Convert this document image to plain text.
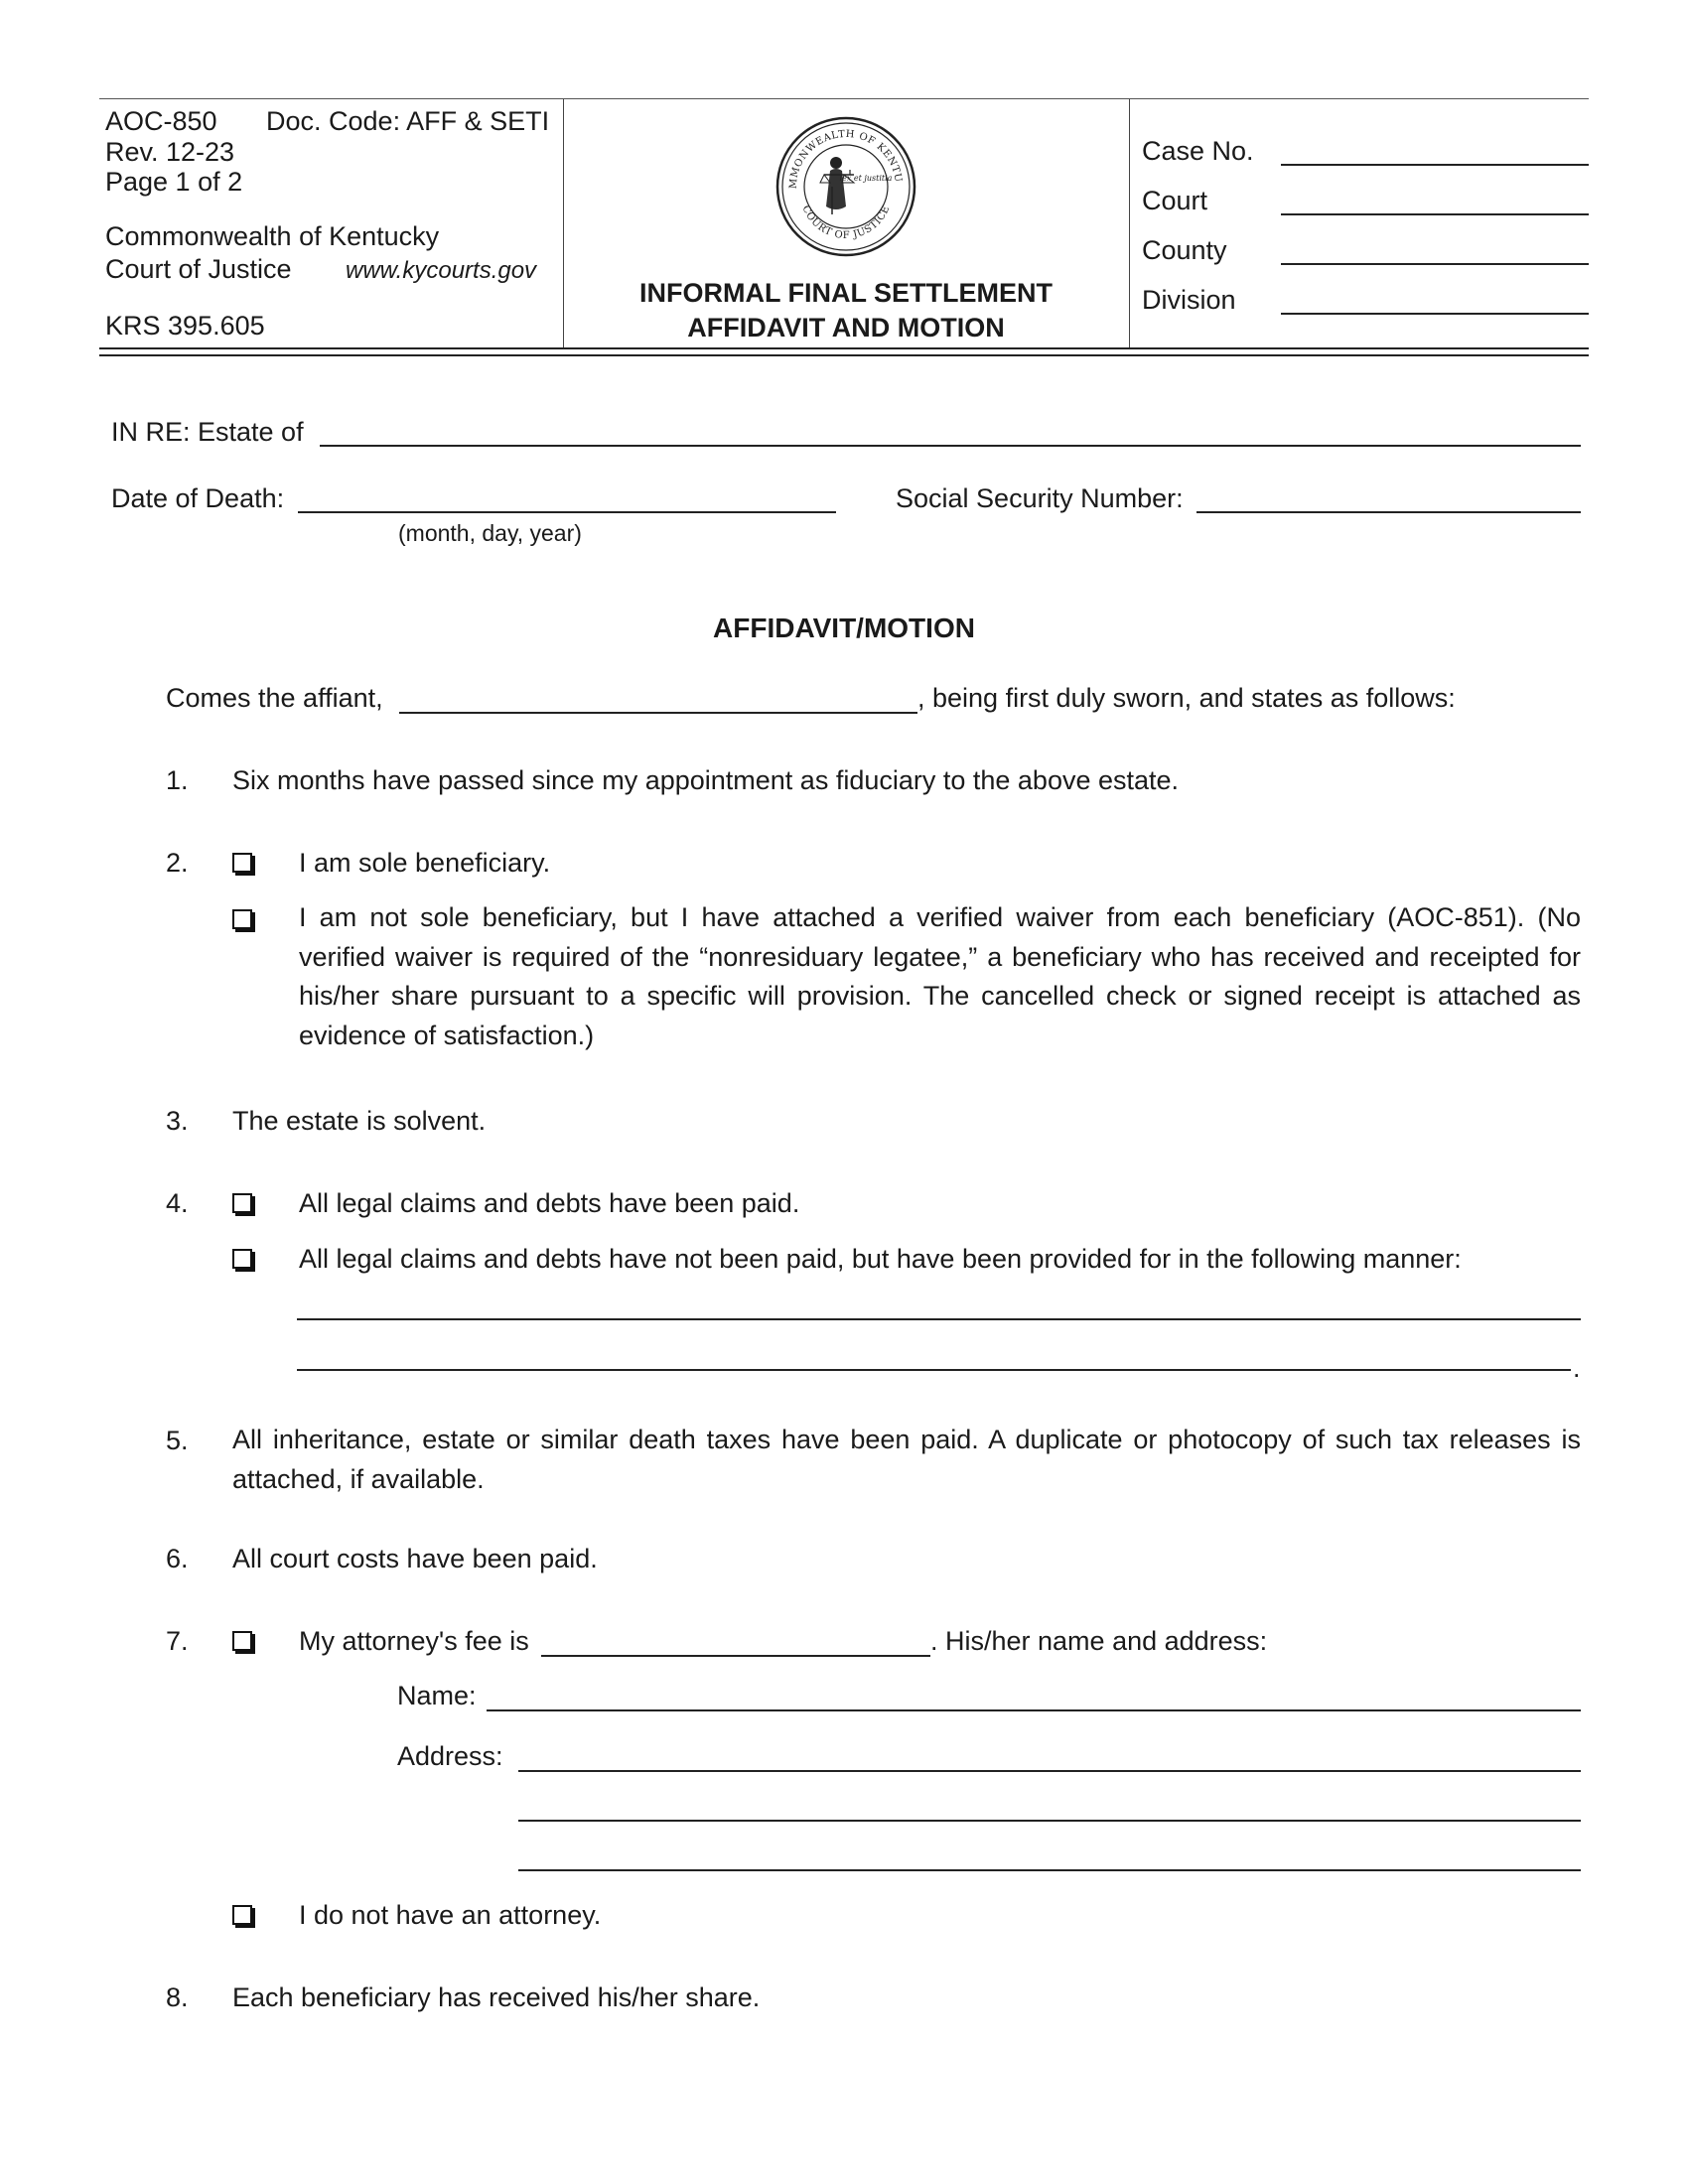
AOC-850 Doc. Code: AFF & SETI
Rev. 12-23
Page 1 of 2
Commonwealth of Kentucky
Court of Justice www.kycourts.gov
KRS 395.605
MMONWEALTH OF KENTU
COURT OF JUSTICE
lex et justitia
INFORMAL FINAL SETTLEMENT
AFFIDAVIT AND MOTION
Case No.
Court
County
Division
IN RE: Estate of
Date of Death:
(month, day, year)
Social Security Number:
AFFIDAVIT/MOTION
Comes the affiant,	, being first duly sworn, and states as follows:
1. Six months have passed since my appointment as fiduciary to the above estate.
2.	I am sole beneficiary.
I am not sole beneficiary, but I have attached a verified waiver from each beneficiary (AOC-851). (No verified waiver is required of the “nonresiduary legatee,” a beneficiary who has received and receipted for his/her share pursuant to a specific will provision. The cancelled check or signed receipt is attached as evidence of satisfaction.)
3. The estate is solvent.
4.	All legal claims and debts have been paid.
All legal claims and debts have not been paid, but have been provided for in the following manner:
.
5. All inheritance, estate or similar death taxes have been paid. A duplicate or photocopy of such tax releases is attached, if available.
6. All court costs have been paid.
7.	My attorney's fee is	. His/her name and address:
Name:
Address:
I do not have an attorney.
8. Each beneficiary has received his/her share.
